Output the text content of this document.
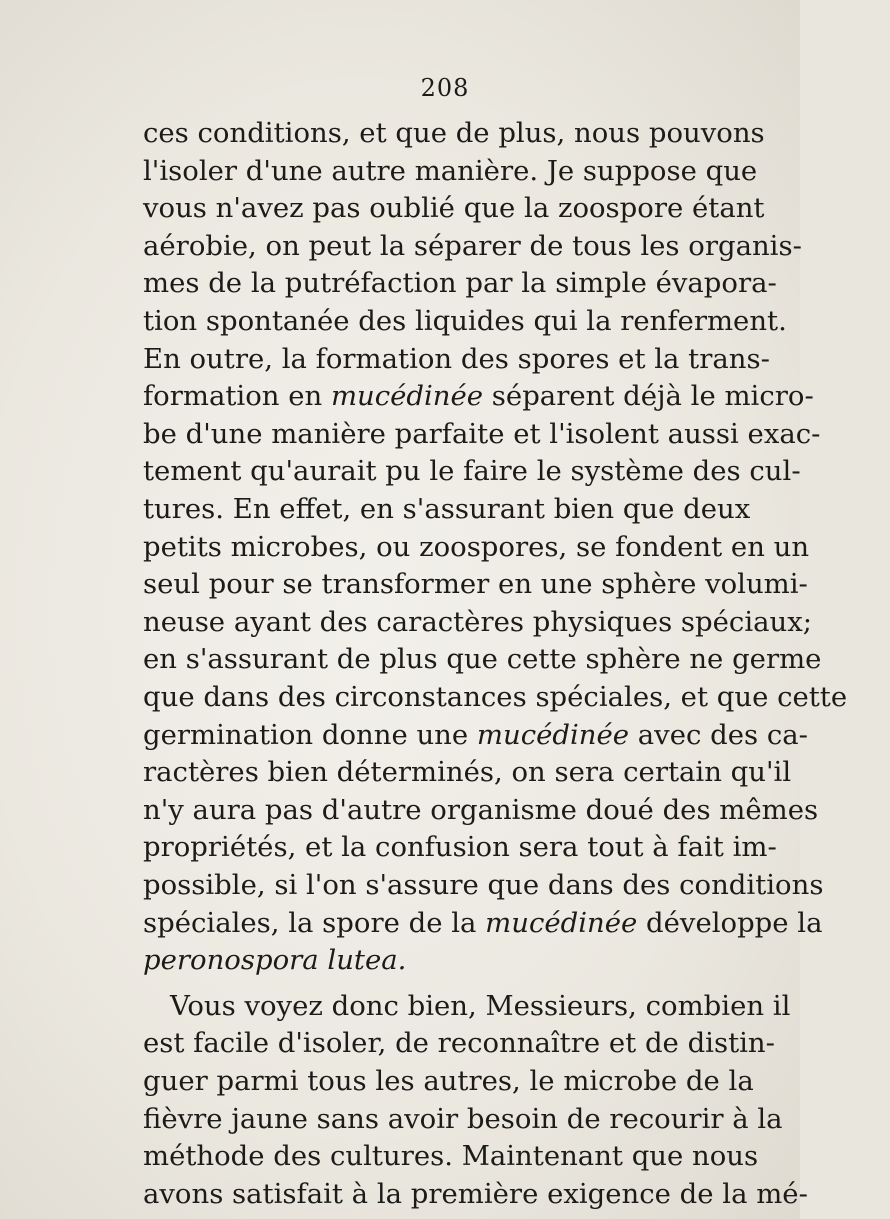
208
ces conditions, et que de plus, nous pouvons
l'isoler d'une autre manière. Je suppose que
vous n'avez pas oublié que la zoospore étant
aérobie, on peut la séparer de tous les organis-
mes de la putréfaction par la simple évapora-
tion spontanée des liquides qui la renferment.
En outre, la formation des spores et la trans-
formation en mucédinée séparent déjà le micro-
be d'une manière parfaite et l'isolent aussi exac-
tement qu'aurait pu le faire le système des cul-
tures. En effet, en s'assurant bien que deux
petits microbes, ou zoospores, se fondent en un
seul pour se transformer en une sphère volumi-
neuse ayant des caractères physiques spéciaux;
en s'assurant de plus que cette sphère ne germe
que dans des circonstances spéciales, et que cette
germination donne une mucédinée avec des ca-
ractères bien déterminés, on sera certain qu'il
n'y aura pas d'autre organisme doué des mêmes
propriétés, et la confusion sera tout à fait im-
possible, si l'on s'assure que dans des conditions
spéciales, la spore de la mucédinée développe la
peronospora lutea.
Vous voyez donc bien, Messieurs, combien il
est facile d'isoler, de reconnaître et de distin-
guer parmi tous les autres, le microbe de la
fièvre jaune sans avoir besoin de recourir à la
méthode des cultures. Maintenant que nous
avons satisfait à la première exigence de la mé-
